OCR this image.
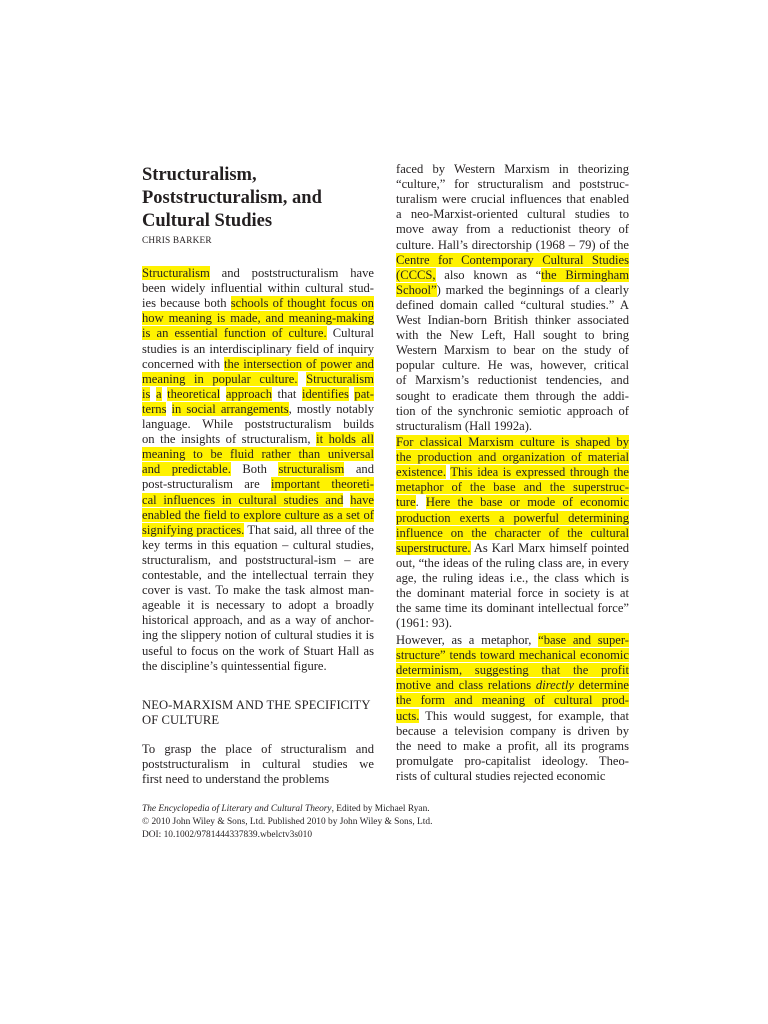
Structuralism,
Poststructuralism, and
Cultural Studies
CHRIS BARKER
Structuralism and poststructuralism have
been widely influential within cultural stud-
ies because both schools of thought focus on
how meaning is made, and meaning-making
is an essential function of culture. Cultural
studies is an interdisciplinary field of inquiry
concerned with the intersection of power and
meaning in popular culture. Structuralism
is a theoretical approach that identifies pat-
terns in social arrangements, mostly notably
language. While poststructuralism builds
on the insights of structuralism, it holds all
meaning to be fluid rather than universal
and predictable. Both structuralism and
post-structuralism are important theoreti-
cal influences in cultural studies and have
enabled the field to explore culture as a set of
signifying practices. That said, all three of the
key terms in this equation – cultural studies,
structuralism, and poststructural-ism – are
contestable, and the intellectual terrain they
cover is vast. To make the task almost man-
ageable it is necessary to adopt a broadly
historical approach, and as a way of anchor-
ing the slippery notion of cultural studies it is
useful to focus on the work of Stuart Hall as
the discipline’s quintessential figure.
To grasp the place of structuralism and
poststructuralism in cultural studies we
first need to understand the problems
NEO-MARXISM AND THE SPECIFICITY
OF CULTURE
faced by Western Marxism in theorizing
“culture,” for structuralism and poststruc-
turalism were crucial influences that enabled
a neo-Marxist-oriented cultural studies to
move away from a reductionist theory of
culture. Hall’s directorship (1968 – 79) of the
Centre for Contemporary Cultural Studies
(CCCS, also known as “the Birmingham
School”) marked the beginnings of a clearly
defined domain called “cultural studies.” A
West Indian-born British thinker associated
with the New Left, Hall sought to bring
Western Marxism to bear on the study of
popular culture. He was, however, critical
of Marxism’s reductionist tendencies, and
sought to eradicate them through the addi-
tion of the synchronic semiotic approach of
structuralism (Hall 1992a).
For classical Marxism culture is shaped by
the production and organization of material
existence. This idea is expressed through the
metaphor of the base and the superstruc-
ture. Here the base or mode of economic
production exerts a powerful determining
influence on the character of the cultural
superstructure. As Karl Marx himself pointed
out, “the ideas of the ruling class are, in every
age, the ruling ideas i.e., the class which is
the dominant material force in society is at
the same time its dominant intellectual force”
(1961: 93).
However, as a metaphor, “base and super-
structure” tends toward mechanical economic
determinism, suggesting that the profit
motive and class relations directly determine
the form and meaning of cultural prod-
ucts. This would suggest, for example, that
because a television company is driven by
the need to make a profit, all its programs
promulgate pro-capitalist ideology. Theo-
rists of cultural studies rejected economic
The Encyclopedia of Literary and Cultural Theory, Edited by Michael Ryan.
© 2010 John Wiley & Sons, Ltd. Published 2010 by John Wiley & Sons, Ltd.
DOI: 10.1002/9781444337839.wbelctv3s010
